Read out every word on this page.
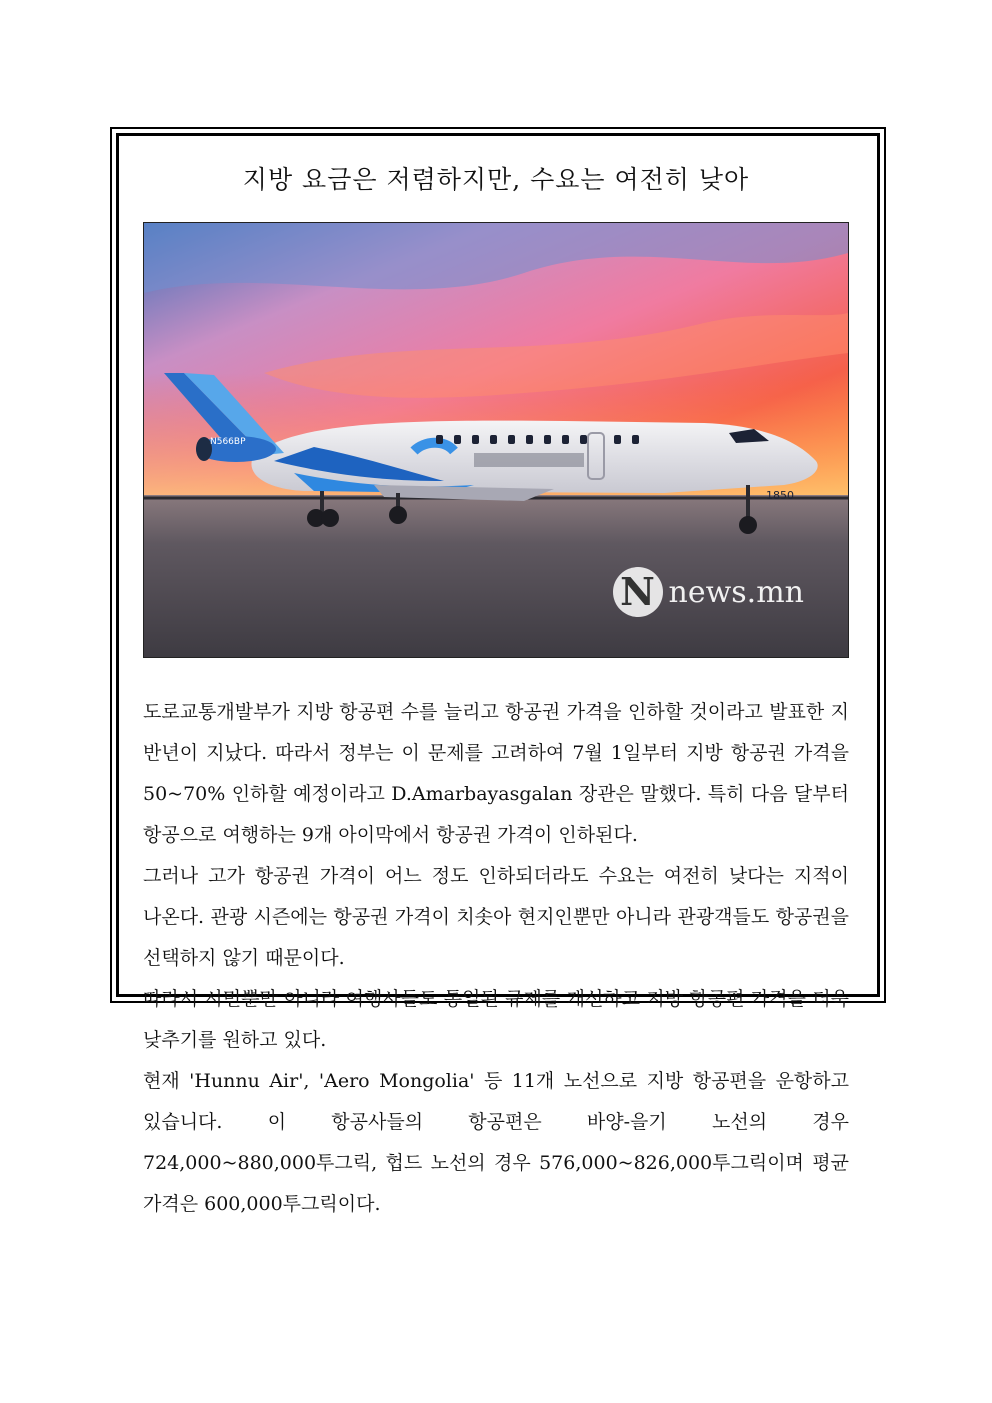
지방 요금은 저렴하지만, 수요는 여전히 낮아
N566BP
1850
N news.mn

도로교통개발부가 지방 항공편 수를 늘리고 항공권 가격을 인하할 것이라고 발표한 지 반년이 지났다. 따라서 정부는 이 문제를 고려하여 7월 1일부터 지방 항공권 가격을 50~70% 인하할 예정이라고 D.Amarbayasgalan 장관은 말했다. 특히 다음 달부터 항공으로 여행하는 9개 아이막에서 항공권 가격이 인하된다.

그러나 고가 항공권 가격이 어느 정도 인하되더라도 수요는 여전히 낮다는 지적이 나온다. 관광 시즌에는 항공권 가격이 치솟아 현지인뿐만 아니라 관광객들도 항공권을 선택하지 않기 때문이다.

따라서 시민뿐만 아니라 여행사들도 통일된 규제를 개선하고 지방 항공편 가격을 더욱 낮추기를 원하고 있다.

현재 'Hunnu Air', 'Aero Mongolia' 등 11개 노선으로 지방 항공편을 운항하고 있습니다. 이 항공사들의 항공편은 바양-을기 노선의 경우 724,000~880,000투그릭, 헙드 노선의 경우 576,000~826,000투그릭이며 평균 가격은 600,000투그릭이다.
